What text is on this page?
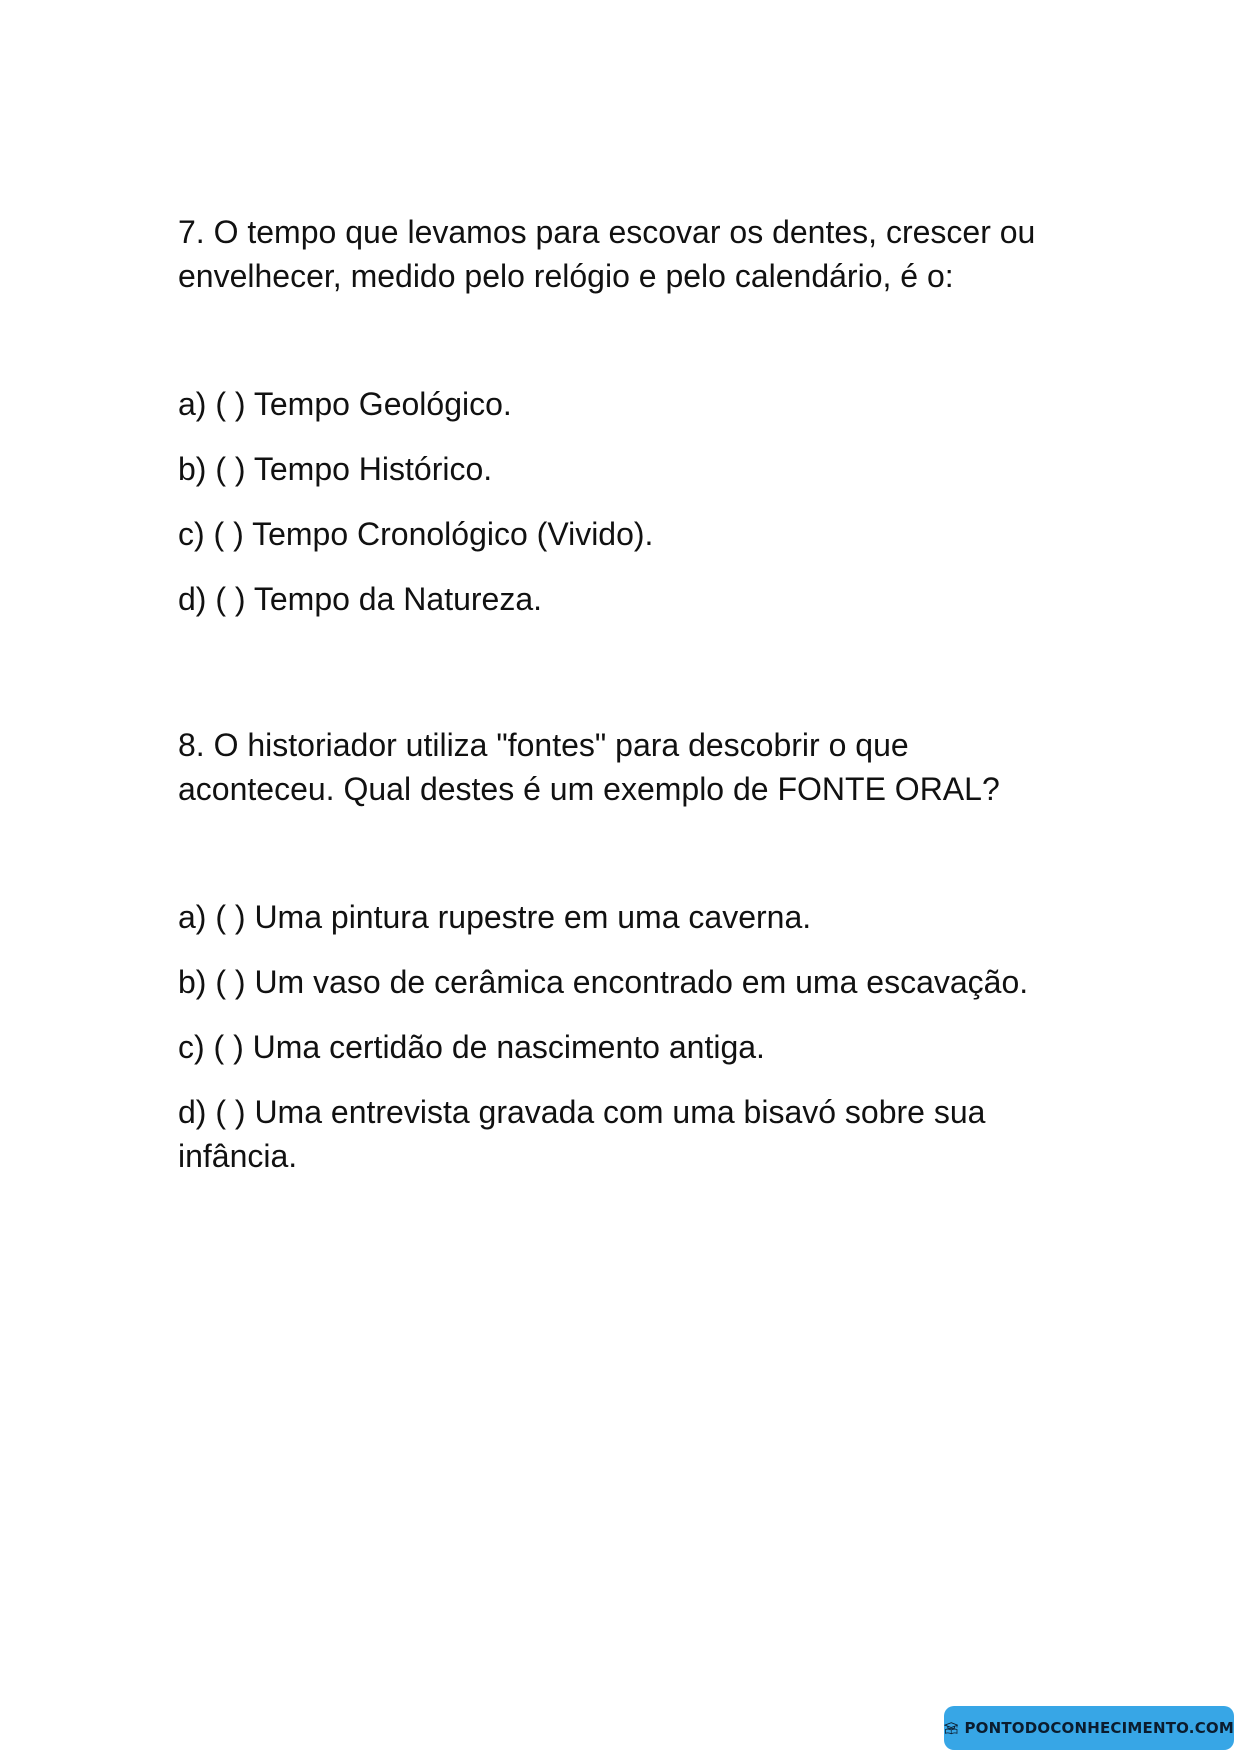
7. O tempo que levamos para escovar os dentes, crescer ou envelhecer, medido pelo relógio e pelo calendário, é o:

a) ( ) Tempo Geológico.

b) ( ) Tempo Histórico.

c) ( ) Tempo Cronológico (Vivido).

d) ( ) Tempo da Natureza.

8. O historiador utiliza "fontes" para descobrir o que aconteceu. Qual destes é um exemplo de FONTE ORAL?

a) ( ) Uma pintura rupestre em uma caverna.

b) ( ) Um vaso de cerâmica encontrado em uma escavação.

c) ( ) Uma certidão de nascimento antiga.

d) ( ) Uma entrevista gravada com uma bisavó sobre sua infância.

PONTODOCONHECIMENTO.COM
